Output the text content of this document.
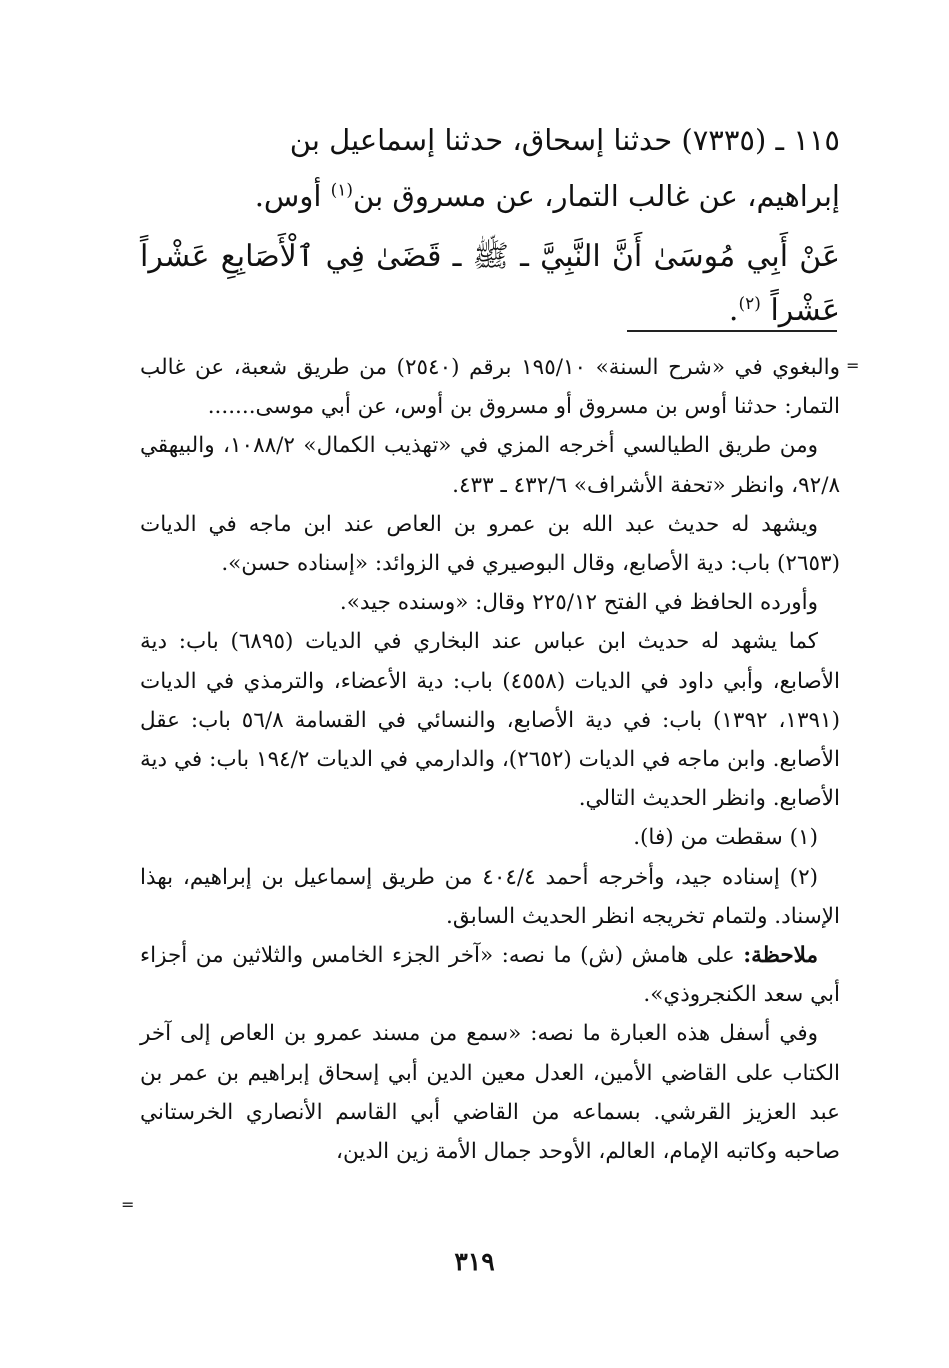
١١٥ ـ (٧٣٣٥) حدثنا إسحاق، حدثنا إسماعيل بن
إبراهيم، عن غالب التمار، عن مسروق بن$^{(١)}$ أوس.

عَنْ أَبِي مُوسَىٰ أَنَّ النَّبِيَّ ـ ﷺ ـ قَضَىٰ فِي ٱلْأَصَابِعِ عَشْراً عَشْراً $^{(٢)}$.

=

والبغوي في «شرح السنة» ١٩٥/١٠ برقم (٢٥٤٠) من طريق شعبة، عن غالب التمار: حدثنا أوس بن مسروق أو مسروق بن أوس، عن أبي موسى.......

ومن طريق الطيالسي أخرجه المزي في «تهذيب الكمال» ١٠٨٨/٢، والبيهقي ٩٢/٨، وانظر «تحفة الأشراف» ٤٣٢/٦ ـ ٤٣٣.

ويشهد له حديث عبد الله بن عمرو بن العاص عند ابن ماجه في الديات (٢٦٥٣) باب: دية الأصابع، وقال البوصيري في الزوائد: «إسناده حسن».

وأورده الحافظ في الفتح ٢٢٥/١٢ وقال: «وسنده جيد».

كما يشهد له حديث ابن عباس عند البخاري في الديات (٦٨٩٥) باب: دية الأصابع، وأبي داود في الديات (٤٥٥٨) باب: دية الأعضاء، والترمذي في الديات (١٣٩١، ١٣٩٢) باب: في دية الأصابع، والنسائي في القسامة ٥٦/٨ باب: عقل الأصابع. وابن ماجه في الديات (٢٦٥٢)، والدارمي في الديات ١٩٤/٢ باب: في دية الأصابع. وانظر الحديث التالي.

(١) سقطت من (فا).

(٢) إسناده جيد، وأخرجه أحمد ٤٠٤/٤ من طريق إسماعيل بن إبراهيم، بهذا الإسناد. ولتمام تخريجه انظر الحديث السابق.

ملاحظة: على هامش (ش) ما نصه: «آخر الجزء الخامس والثلاثين من أجزاء أبي سعد الكنجروذي».

وفي أسفل هذه العبارة ما نصه: «سمع من مسند عمرو بن العاص إلى آخر الكتاب على القاضي الأمين، العدل معين الدين أبي إسحاق إبراهيم بن عمر بن عبد العزيز القرشي. بسماعه من القاضي أبي القاسم الأنصاري الخرستاني صاحبه وكاتبه الإمام، العالم، الأوحد جمال الأمة زين الدين،

=
٣١٩
